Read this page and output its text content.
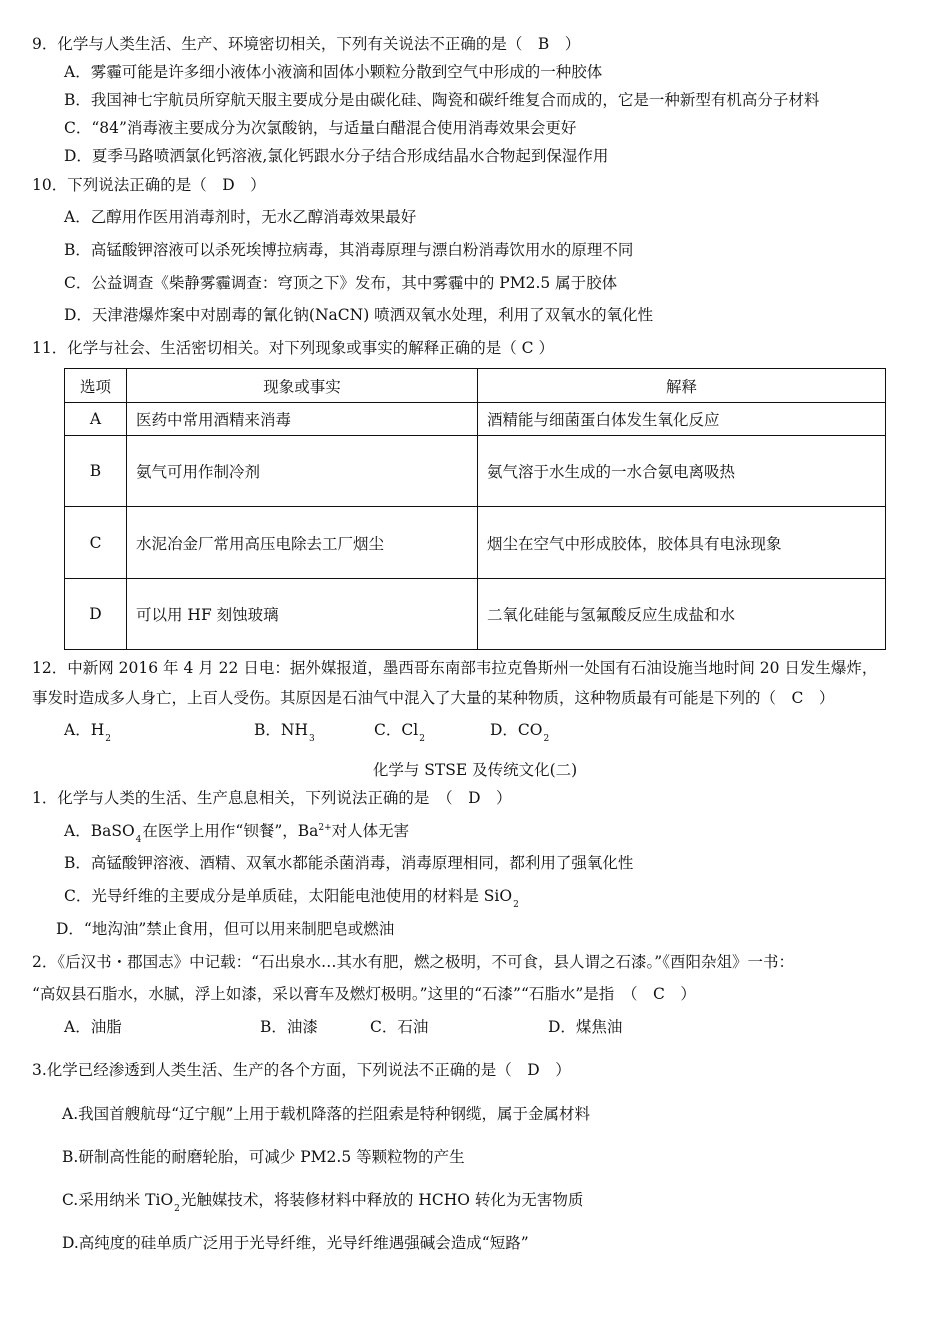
9．化学与人类生活、生产、环境密切相关，下列有关说法不正确的是（　B　）
A．雾霾可能是许多细小液体小液滴和固体小颗粒分散到空气中形成的一种胶体
B．我国神七宇航员所穿航天服主要成分是由碳化硅、陶瓷和碳纤维复合而成的，它是一种新型有机高分子材料
C．“84”消毒液主要成分为次氯酸钠，与适量白醋混合使用消毒效果会更好
D．夏季马路喷洒氯化钙溶液,氯化钙跟水分子结合形成结晶水合物起到保湿作用
10．下列说法正确的是（　D　）
A．乙醇用作医用消毒剂时，无水乙醇消毒效果最好
B．高锰酸钾溶液可以杀死埃博拉病毒，其消毒原理与漂白粉消毒饮用水的原理不同
C．公益调查《柴静雾霾调查：穹顶之下》发布，其中雾霾中的 PM2.5 属于胶体
D．天津港爆炸案中对剧毒的氰化钠(NaCN) 喷洒双氧水处理，利用了双氧水的氧化性
11．化学与社会、生活密切相关。对下列现象或事实的解释正确的是（ C ）
选项	现象或事实	解释
A	医药中常用酒精来消毒	酒精能与细菌蛋白体发生氧化反应
B	氨气可用作制冷剂	氨气溶于水生成的一水合氨电离吸热
C	水泥冶金厂常用高压电除去工厂烟尘	烟尘在空气中形成胶体，胶体具有电泳现象
D	可以用 HF 刻蚀玻璃	二氧化硅能与氢氟酸反应生成盐和水
12．中新网 2016 年 4 月 22 日电：据外媒报道，墨西哥东南部韦拉克鲁斯州一处国有石油设施当地时间 20 日发生爆炸，
事发时造成多人身亡，上百人受伤。其原因是石油气中混入了大量的某种物质，这种物质最有可能是下列的（　C　）
A．$H_2$	B．$NH_3$	C．$Cl_2$	D．$CO_2$
化学与 STSE 及传统文化(二)
1．化学与人类的生活、生产息息相关，下列说法正确的是　（　D　）
A．BaSO$_4$在医学上用作“钡餐”，$Ba^{2+}$对人体无害
B．高锰酸钾溶液、酒精、双氧水都能杀菌消毒，消毒原理相同，都利用了强氧化性
C．光导纤维的主要成分是单质硅，太阳能电池使用的材料是 SiO$_2$
D．“地沟油”禁止食用，但可以用来制肥皂或燃油
2．《后汉书・郡国志》中记载：“石出泉水…其水有肥，燃之极明，不可食，县人谓之石漆。”《酉阳杂俎》一书：
“高奴县石脂水，水腻，浮上如漆，采以膏车及燃灯极明。”这里的“石漆”“石脂水”是指　（　C　）
A．油脂	B．油漆	C．石油	D．煤焦油
3.化学已经渗透到人类生活、生产的各个方面，下列说法不正确的是（　D　）
A.我国首艘航母“辽宁舰”上用于载机降落的拦阻索是特种钢缆，属于金属材料
B.研制高性能的耐磨轮胎，可减少 PM2.5 等颗粒物的产生
C.采用纳米 TiO$_2$光触媒技术，将装修材料中释放的 HCHO 转化为无害物质
D.高纯度的硅单质广泛用于光导纤维，光导纤维遇强碱会造成“短路”
